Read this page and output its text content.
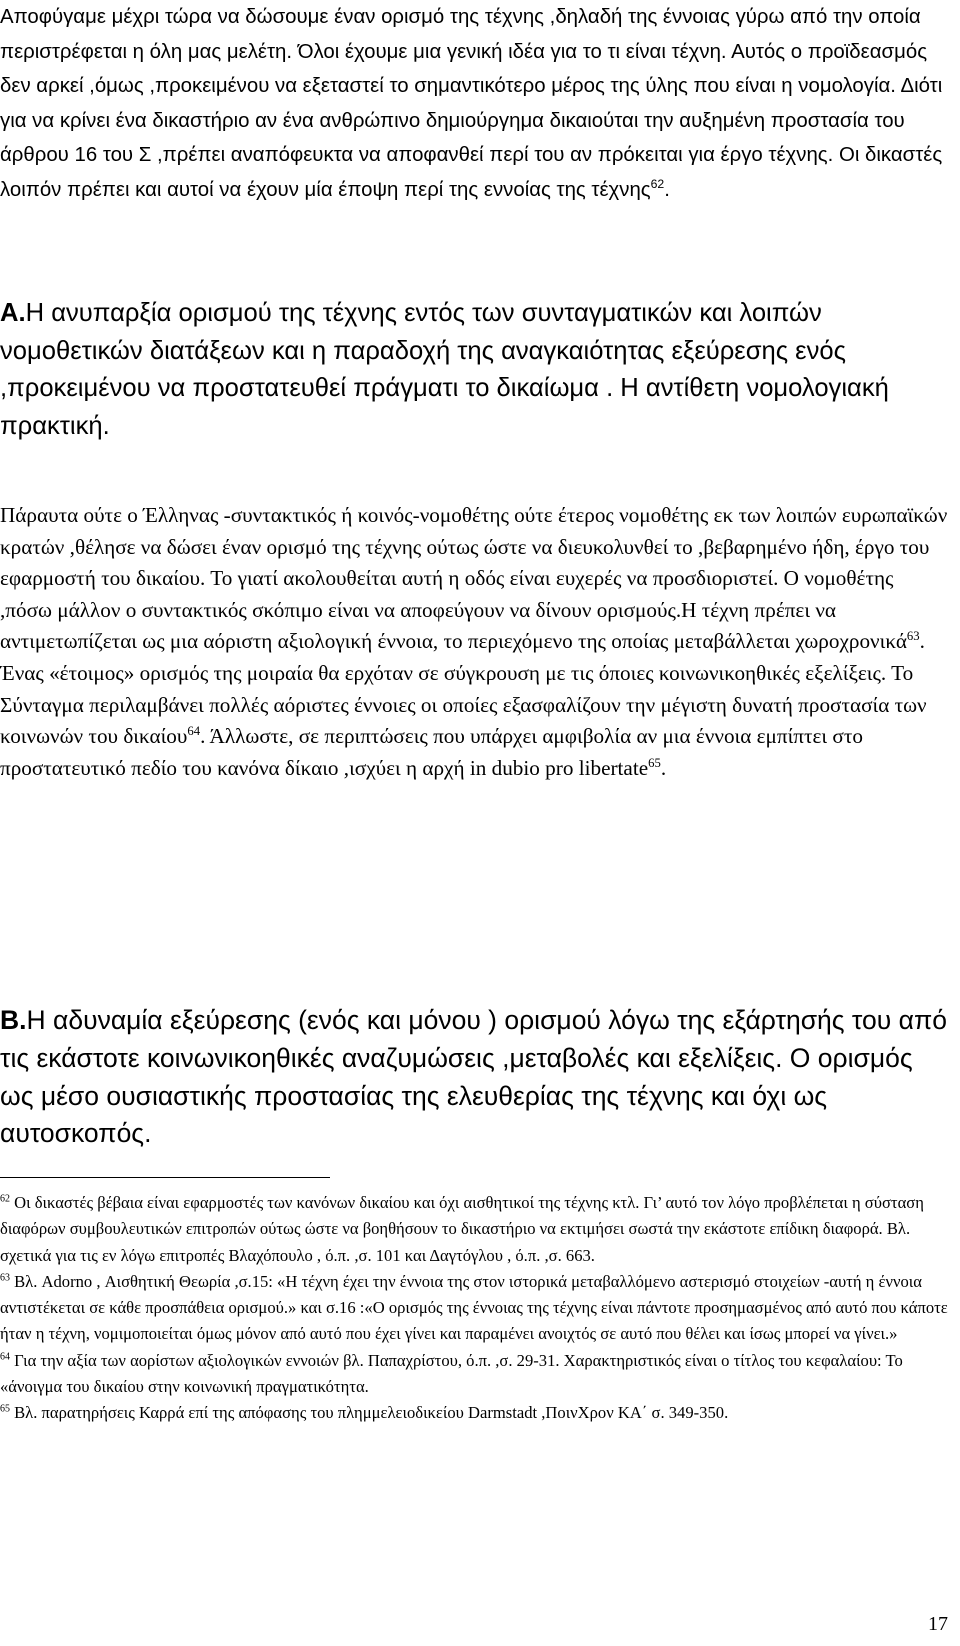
Αποφύγαμε μέχρι τώρα να δώσουμε έναν ορισμό της τέχνης ,δηλαδή της έννοιας γύρω από την οποία περιστρέφεται η όλη μας μελέτη. Όλοι έχουμε μια γενική ιδέα για το τι είναι τέχνη. Αυτός ο προϊδεασμός δεν αρκεί ,όμως ,προκειμένου να εξεταστεί το σημαντικότερο μέρος της ύλης που είναι η νομολογία. Διότι για να κρίνει ένα δικαστήριο αν ένα ανθρώπινο δημιούργημα δικαιούται την αυξημένη προστασία του άρθρου 16 του Σ ,πρέπει αναπόφευκτα να αποφανθεί περί του αν πρόκειται για έργο τέχνης. Οι δικαστές λοιπόν πρέπει και αυτοί να έχουν μία έποψη περί της εννοίας της τέχνης$^{62}$.

Α.Η ανυπαρξία ορισμού της τέχνης εντός των συνταγματικών και λοιπών νομοθετικών διατάξεων και η παραδοχή της αναγκαιότητας εξεύρεσης ενός ,προκειμένου να προστατευθεί πράγματι το δικαίωμα . Η αντίθετη νομολογιακή πρακτική.

Πάραυτα ούτε ο Έλληνας -συντακτικός ή κοινός-νομοθέτης ούτε έτερος νομοθέτης εκ των λοιπών ευρωπαϊκών κρατών ,θέλησε να δώσει έναν ορισμό της τέχνης ούτως ώστε να διευκολυνθεί το ,βεβαρημένο ήδη, έργο του εφαρμοστή του δικαίου. Το γιατί ακολουθείται αυτή η οδός είναι ευχερές να προσδιοριστεί. Ο νομοθέτης ,πόσω μάλλον ο συντακτικός σκόπιμο είναι να αποφεύγουν να δίνουν ορισμούς.Η τέχνη πρέπει να αντιμετωπίζεται ως μια αόριστη αξιολογική έννοια, το περιεχόμενο της οποίας μεταβάλλεται χωροχρονικά$^{63}$. Ένας «έτοιμος» ορισμός της μοιραία θα ερχόταν σε σύγκρουση με τις όποιες κοινωνικοηθικές εξελίξεις. Το Σύνταγμα περιλαμβάνει πολλές αόριστες έννοιες οι οποίες εξασφαλίζουν την μέγιστη δυνατή προστασία των κοινωνών του δικαίου$^{64}$. Άλλωστε, σε περιπτώσεις που υπάρχει αμφιβολία αν μια έννοια εμπίπτει στο προστατευτικό πεδίο του κανόνα δίκαιο ,ισχύει η αρχή in dubio pro libertate$^{65}$.

Β.Η αδυναμία εξεύρεσης (ενός και μόνου ) ορισμού λόγω της εξάρτησής του από τις εκάστοτε κοινωνικοηθικές αναζυμώσεις ,μεταβολές και εξελίξεις. Ο ορισμός ως μέσο ουσιαστικής προστασίας της ελευθερίας της τέχνης και όχι ως αυτοσκοπός.

$^{62}$ Οι δικαστές βέβαια είναι εφαρμοστές των κανόνων δικαίου και όχι αισθητικοί της τέχνης κτλ. Γι’ αυτό τον λόγο προβλέπεται η σύσταση διαφόρων συμβουλευτικών επιτροπών ούτως ώστε να βοηθήσουν το δικαστήριο να εκτιμήσει σωστά την εκάστοτε επίδικη διαφορά. Βλ. σχετικά για τις εν λόγω επιτροπές Βλαχόπουλο , ό.π. ,σ. 101 και Δαγτόγλου , ό.π. ,σ. 663.

$^{63}$ Βλ. Adorno , Αισθητική Θεωρία ,σ.15: «Η τέχνη έχει την έννοια της στον ιστορικά μεταβαλλόμενο αστερισμό στοιχείων -αυτή η έννοια αντιστέκεται σε κάθε προσπάθεια ορισμού.» και σ.16 :«Ο ορισμός της έννοιας της τέχνης είναι πάντοτε προσημασμένος από αυτό που κάποτε ήταν η τέχνη, νομιμοποιείται όμως μόνον από αυτό που έχει γίνει και παραμένει ανοιχτός σε αυτό που θέλει και ίσως μπορεί να γίνει.»

$^{64}$ Για την αξία των αορίστων αξιολογικών εννοιών βλ. Παπαχρίστου, ό.π. ,σ. 29-31. Χαρακτηριστικός είναι ο τίτλος του κεφαλαίου: Το «άνοιγμα του δικαίου στην κοινωνική πραγματικότητα.

$^{65}$ Βλ. παρατηρήσεις Καρρά επί της απόφασης του πλημμελειοδικείου Darmstadt ,ΠοινΧρον ΚΑ΄ σ. 349-350.

17
